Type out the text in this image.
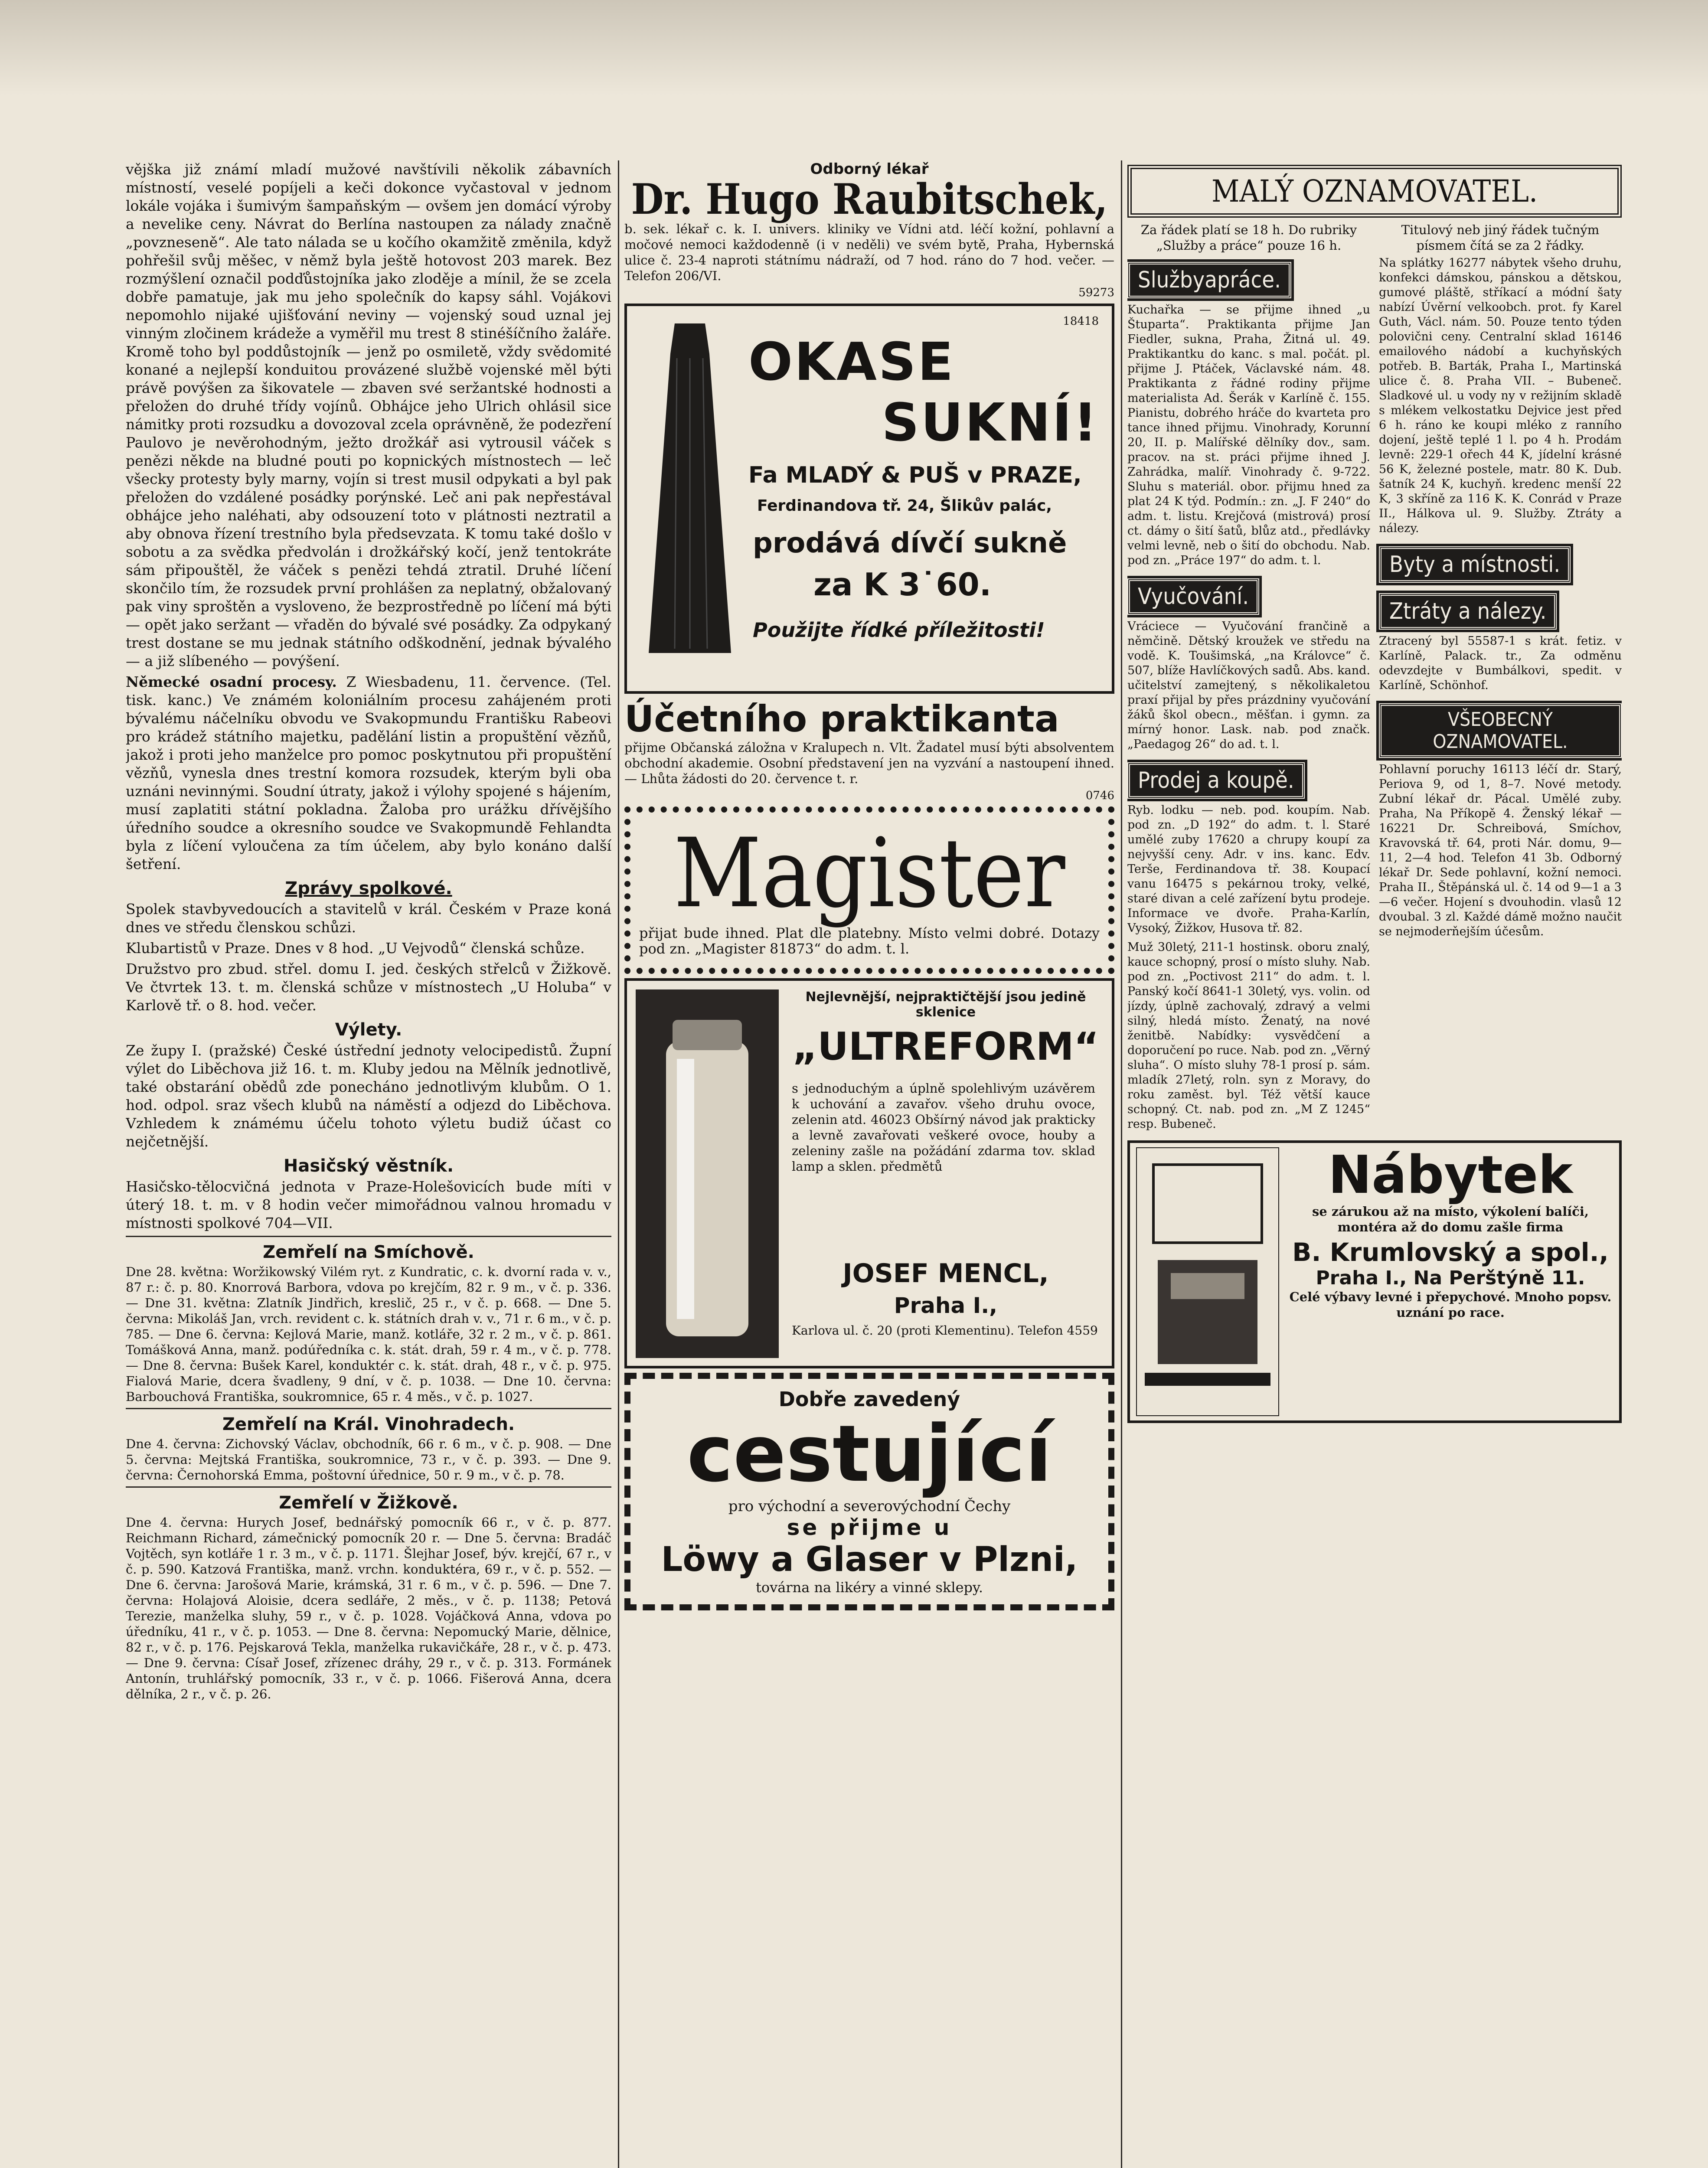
vějška již známí mladí mužové navštívili několik zábavních místností, veselé popíjeli a keči dokonce vyčastoval v jednom lokále vojáka i šumivým šampaňským — ovšem jen domácí výroby a nevelike ceny. Návrat do Berlína nastoupen za nálady značně „povzneseně“. Ale tato nálada se u kočího okamžitě změnila, když pohřešil svůj měšec, v němž byla ještě hotovost 203 marek. Bez rozmýšlení označil podďůstojníka jako zloděje a mínil, že se zcela dobře pamatuje, jak mu jeho společník do kapsy sáhl. Vojákovi nepomohlo nijaké ujišťování neviny — vojenský soud uznal jej vinným zločinem krádeže a vyměřil mu trest 8 stinéšíčního žaláře. Kromě toho byl poddůstojník — jenž po osmiletě, vždy svědomité konané a nejlepší konduitou provázené službě vojenské měl býti právě povýšen za šikovatele — zbaven své seržantské hodnosti a přeložen do druhé třídy vojínů. Obhájce jeho Ulrich ohlásil sice námitky proti rozsudku a dovozoval zcela oprávněně, že podezření Paulovo je nevěrohodným, ježto drožkář asi vytrousil váček s penězi někde na bludné pouti po kopnických místnostech — leč všecky protesty byly marny, vojín si trest musil odpykati a byl pak přeložen do vzdálené posádky porýnské. Leč ani pak nepřestával obhájce jeho naléhati, aby odsouzení toto v plátnosti neztratil a aby obnova řízení trestního byla předsevzata. K tomu také došlo v sobotu a za svědka předvolán i drožkářský kočí, jenž tentokráte sám připouštěl, že váček s penězi tehdá ztratil. Druhé líčení skončilo tím, že rozsudek první prohlášen za neplatný, obžalovaný pak viny sproštěn a vysloveno, že bezprostředně po líčení má býti — opět jako seržant — vřaděn do bývalé své posádky. Za odpykaný trest dostane se mu jednak státního odškodnění, jednak bývalého — a již slíbeného — povýšení.

Německé osadní procesy. Z Wiesbadenu, 11. července. (Tel. tisk. kanc.) Ve známém koloniálním procesu zahájeném proti bývalému náčelníku obvodu ve Svakopmundu Františku Rabeovi pro krádež státního majetku, padělání listin a propuštění vězňů, jakož i proti jeho manželce pro pomoc poskytnutou při propuštění vězňů, vynesla dnes trestní komora rozsudek, kterým byli oba uznáni nevinnými. Soudní útraty, jakož i výlohy spojené s hájením, musí zaplatiti státní pokladna. Žaloba pro urážku dřívějšího úředního soudce a okresního soudce ve Svakopmundě Fehlandta byla z líčení vyloučena za tím účelem, aby bylo konáno další šetření.

Zprávy spolkové.

Spolek stavbyvedoucích a stavitelů v král. Českém v Praze koná dnes ve středu členskou schůzi.

Klubartistů v Praze. Dnes v 8 hod. „U Vejvodů“ členská schůze.

Družstvo pro zbud. střel. domu I. jed. českých střelců v Žižkově. Ve čtvrtek 13. t. m. členská schůze v místnostech „U Holuba“ v Karlově tř. o 8. hod. večer.

Výlety.

Ze župy I. (pražské) České ústřední jednoty velocipedistů. Župní výlet do Liběchova již 16. t. m. Kluby jedou na Mělník jednotlivě, také obstarání obědů zde ponecháno jednotlivým klubům. O 1. hod. odpol. sraz všech klubů na náměstí a odjezd do Liběchova. Vzhledem k známému účelu tohoto výletu budiž účast co nejčetnější.

Hasičský věstník.

Hasičsko-tělocvičná jednota v Praze-Holešovicích bude míti v úterý 18. t. m. v 8 hodin večer mimořádnou valnou hromadu v místnosti spolkové 704—VII.

Zemřelí na Smíchově.

Dne 28. května: Woržikowský Vilém ryt. z Kundratic, c. k. dvorní rada v. v., 87 r.: č. p. 80. Knorrová Barbora, vdova po krejčím, 82 r. 9 m., v č. p. 336. — Dne 31. května: Zlatník Jindřich, kreslič, 25 r., v č. p. 668. — Dne 5. června: Mikoláš Jan, vrch. revident c. k. státních drah v. v., 71 r. 6 m., v č. p. 785. — Dne 6. června: Kejlová Marie, manž. kotláře, 32 r. 2 m., v č. p. 861. Tomášková Anna, manž. podúředníka c. k. stát. drah, 59 r. 4 m., v č. p. 778. — Dne 8. června: Bušek Karel, konduktér c. k. stát. drah, 48 r., v č. p. 975. Fialová Marie, dcera švadleny, 9 dní, v č. p. 1038. — Dne 10. června: Barbouchová Františka, soukromnice, 65 r. 4 měs., v č. p. 1027.

Zemřelí na Král. Vinohradech.

Dne 4. června: Zichovský Václav, obchodník, 66 r. 6 m., v č. p. 908. — Dne 5. června: Mejtská Františka, soukromnice, 73 r., v č. p. 393. — Dne 9. června: Černohorská Emma, poštovní úřednice, 50 r. 9 m., v č. p. 78.

Zemřelí v Žižkově.

Dne 4. června: Hurych Josef, bednářský pomocník 66 r., v č. p. 877. Reichmann Richard, zámečnický pomocník 20 r. — Dne 5. června: Bradáč Vojtěch, syn kotláře 1 r. 3 m., v č. p. 1171. Šlejhar Josef, býv. krejčí, 67 r., v č. p. 590. Katzová Františka, manž. vrchn. konduktéra, 69 r., v č. p. 552. — Dne 6. června: Jarošová Marie, krámská, 31 r. 6 m., v č. p. 596. — Dne 7. června: Holajová Aloisie, dcera sedláře, 2 měs., v č. p. 1138; Petová Terezie, manželka sluhy, 59 r., v č. p. 1028. Vojáčková Anna, vdova po úředníku, 41 r., v č. p. 1053. — Dne 8. června: Nepomucký Marie, dělnice, 82 r., v č. p. 176. Pejskarová Tekla, manželka rukavičkáře, 28 r., v č. p. 473. — Dne 9. června: Císař Josef, zřízenec dráhy, 29 r., v č. p. 313. Formánek Antonín, truhlářský pomocník, 33 r., v č. p. 1066. Fišerová Anna, dcera dělníka, 2 r., v č. p. 26.

Odborný lékař
Dr. Hugo Raubitschek,

b. sek. lékař c. k. I. univers. kliniky ve Vídni atd. léčí kožní, pohlavní a močové nemoci každodenně (i v neděli) ve svém bytě, Praha, Hybernská ulice č. 23-4 naproti státnímu nádraží, od 7 hod. ráno do 7 hod. večer. — Telefon 206/VI.

59273
18418
OKASE
SUKNÍ!
Fa MLADÝ & PUŠ v PRAZE,
Ferdinandova tř. 24, Šlikův palác,
prodává dívčí sukně
za K 3˙60.
Použijte řídké příležitosti!
Účetního praktikanta

přijme Občanská záložna v Kralupech n. Vlt. Žadatel musí býti absolventem obchodní akademie. Osobní představení jen na vyzvání a nastoupení ihned. — Lhůta žádosti do 20. července t. r.

0746
Magister

přijat bude ihned. Plat dle platebny. Místo velmi dobré. Dotazy pod zn. „Magister 81873“ do adm. t. l.

Nejlevnější, nejpraktičtější jsou jedině sklenice
„ULTREFORM“

s jednoduchým a úplně spolehlivým uzávěrem k uchování a zavařov. všeho druhu ovoce, zelenin atd. 46023 Obšírný návod jak prakticky a levně zavařovati veškeré ovoce, houby a zeleniny zašle na požádání zdarma tov. sklad lamp a sklen. předmětů

JOSEF MENCL,
Praha I.,
Karlova ul. č. 20 (proti Klementinu). Telefon 4559
Dobře zavedený
cestující
pro východní a severovýchodní Čechy
se přijme u
Löwy a Glaser v Plzni,
továrna na likéry a vinné sklepy.
MALÝ OZNAMOVATEL.
Za řádek platí se 18 h. Do rubriky „Služby a práce“ pouze 16 h.
Titulový neb jiný řádek tučným písmem čítá se za 2 řádky.
Službyapráce.

Kuchařka — se přijme ihned „u Štuparta“. Praktikanta přijme Jan Fiedler, sukna, Praha, Žitná ul. 49. Praktikantku do kanc. s mal. počát. pl. přijme J. Ptáček, Václavské nám. 48. Praktikanta z řádné rodiny přijme materialista Ad. Šerák v Karlíně č. 155. Pianistu, dobrého hráče do kvarteta pro tance ihned přijmu. Vinohrady, Korunní 20, II. p. Malířské dělníky dov., sam. pracov. na st. práci přijme ihned J. Zahrádka, malíř. Vinohrady č. 9-722. Sluhu s materiál. obor. přijmu hned za plat 24 K týd. Podmín.: zn. „J. F 240“ do adm. t. listu. Krejčová (mistrová) prosí ct. dámy o šití šatů, blůz atd., předlávky velmi levně, neb o šití do obchodu. Nab. pod zn. „Práce 197“ do adm. t. l.

Vyučování.

Vráciece — Vyučování frančině a němčině. Dětský kroužek ve středu na vodě. K. Toušimská, „na Královce“ č. 507, blíže Havlíčkových sadů. Abs. kand. učitelství zamejtený, s několikaletou praxí přijal by přes prázdniny vyučování žáků škol obecn., měšťan. i gymn. za mírný honor. Lask. nab. pod značk. „Paedagog 26“ do ad. t. l.

Prodej a koupě.

Ryb. lodku — neb. pod. koupím. Nab. pod zn. „D 192“ do adm. t. l. Staré umělé zuby 17620 a chrupy koupí za nejvyšší ceny. Adr. v ins. kanc. Edv. Terše, Ferdinandova tř. 38. Koupací vanu 16475 s pekárnou troky, velké, staré divan a celé zařízení bytu prodeje. Informace ve dvoře. Praha-Karlín, Vysoký, Žižkov, Husova tř. 82.

Muž 30letý, 211-1 hostinsk. oboru znalý, kauce schopný, prosí o místo sluhy. Nab. pod zn. „Poctivost 211“ do adm. t. l. Panský kočí 8641-1 30letý, vys. volin. od jízdy, úplně zachovalý, zdravý a velmi silný, hledá místo. Ženatý, na nové ženitbě. Nabídky: vysvědčení a doporučení po ruce. Nab. pod zn. „Věrný sluha“. O místo sluhy 78-1 prosí p. sám. mladík 27letý, roln. syn z Moravy, do roku zaměst. byl. Též větší kauce schopný. Ct. nab. pod zn. „M Z 1245“ resp. Bubeneč.

Na splátky 16277 nábytek všeho druhu, konfekci dámskou, pánskou a dětskou, gumové pláště, stříkací a módní šaty nabízí Úvěrní velkoobch. prot. fy Karel Guth, Václ. nám. 50. Pouze tento týden polovični ceny. Centralní sklad 16146 emailového nádobí a kuchyňských potřeb. B. Barták, Praha I., Martinská ulice č. 8. Praha VII. – Bubeneč. Sladkové ul. u vody ny v režijním skladě s mlékem velkostatku Dejvice jest před 6 h. ráno ke koupi mléko z ranního dojení, ještě teplé 1 l. po 4 h. Prodám levně: 229-1 ořech 44 K, jídelní krásné 56 K, železné postele, matr. 80 K. Dub. šatník 24 K, kuchyň. kredenc menší 22 K, 3 skříně za 116 K. K. Conrád v Praze II., Hálkova ul. 9. Služby. Ztráty a nálezy.

Byty a místnosti. Ztráty a nálezy.

Ztracený byl 55587-1 s krát. fetiz. v Karlíně, Palack. tr., Za odměnu odevzdejte v Bumbálkovi, spedit. v Karlíně, Schönhof.

VŠEOBECNÝ OZNAMOVATEL.

Pohlavní poruchy 16113 léčí dr. Starý, Periova 9, od 1, 8–7. Nové metody. Zubní lékař dr. Pácal. Umělé zuby. Praha, Na Příkopě 4. Ženský lékař — 16221 Dr. Schreibová, Smíchov, Kravovská tř. 64, proti Nár. domu, 9—11, 2—4 hod. Telefon 41 3b. Odborný lékař Dr. Sede pohlavní, kožní nemoci. Praha II., Štěpánská ul. č. 14 od 9—1 a 3—6 večer. Hojení s dvouhodin. vlasů 12 dvoubal. 3 zl. Každé dámě možno naučit se nejmoderňejším účesům.

Nábytek

se zárukou až na místo, výkolení balíči, montéra až do domu zašle firma

B. Krumlovský a spol.,
Praha I., Na Perštýně 11.

Celé výbavy levné i přepychové. Mnoho popsv. uznání po race.
